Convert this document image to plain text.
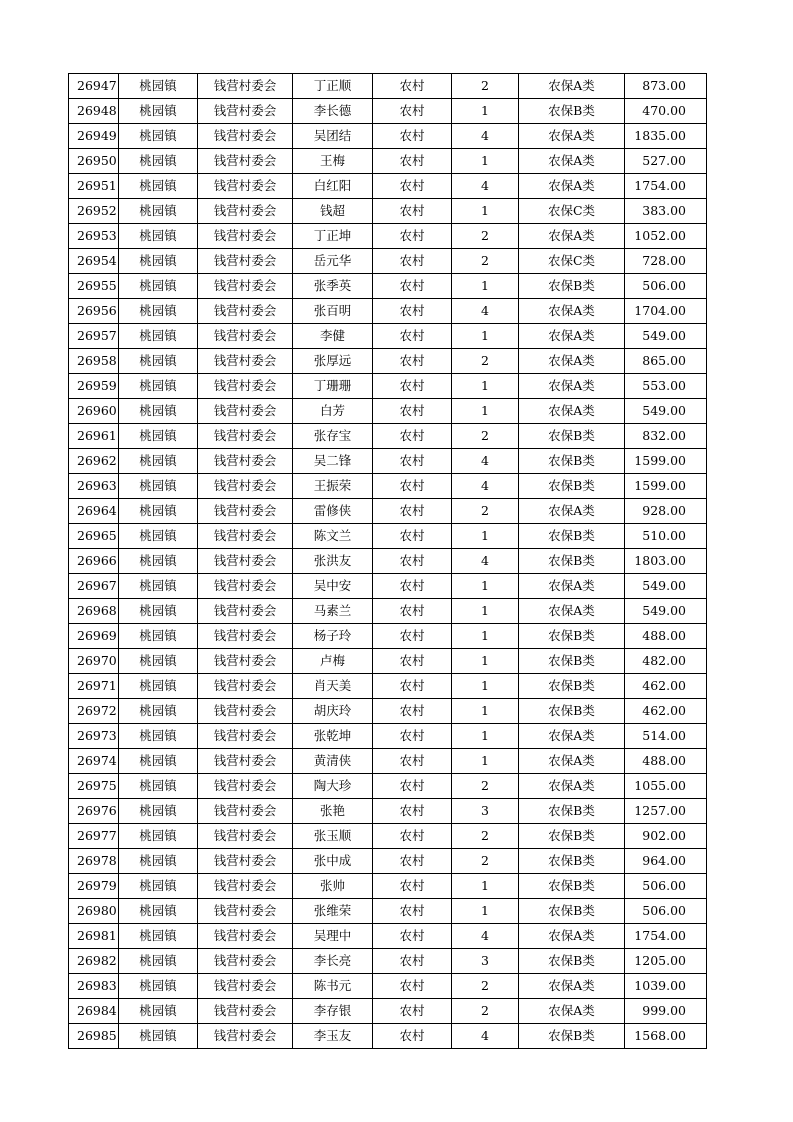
26947	桃园镇	钱营村委会	丁正顺	农村	2	农保A类	873.00
26948	桃园镇	钱营村委会	李长德	农村	1	农保B类	470.00
26949	桃园镇	钱营村委会	吴团结	农村	4	农保A类	1835.00
26950	桃园镇	钱营村委会	王梅	农村	1	农保A类	527.00
26951	桃园镇	钱营村委会	白红阳	农村	4	农保A类	1754.00
26952	桃园镇	钱营村委会	钱超	农村	1	农保C类	383.00
26953	桃园镇	钱营村委会	丁正坤	农村	2	农保A类	1052.00
26954	桃园镇	钱营村委会	岳元华	农村	2	农保C类	728.00
26955	桃园镇	钱营村委会	张季英	农村	1	农保B类	506.00
26956	桃园镇	钱营村委会	张百明	农村	4	农保A类	1704.00
26957	桃园镇	钱营村委会	李健	农村	1	农保A类	549.00
26958	桃园镇	钱营村委会	张厚远	农村	2	农保A类	865.00
26959	桃园镇	钱营村委会	丁珊珊	农村	1	农保A类	553.00
26960	桃园镇	钱营村委会	白芳	农村	1	农保A类	549.00
26961	桃园镇	钱营村委会	张存宝	农村	2	农保B类	832.00
26962	桃园镇	钱营村委会	吴二锋	农村	4	农保B类	1599.00
26963	桃园镇	钱营村委会	王振荣	农村	4	农保B类	1599.00
26964	桃园镇	钱营村委会	雷修侠	农村	2	农保A类	928.00
26965	桃园镇	钱营村委会	陈文兰	农村	1	农保B类	510.00
26966	桃园镇	钱营村委会	张洪友	农村	4	农保B类	1803.00
26967	桃园镇	钱营村委会	吴中安	农村	1	农保A类	549.00
26968	桃园镇	钱营村委会	马素兰	农村	1	农保A类	549.00
26969	桃园镇	钱营村委会	杨子玲	农村	1	农保B类	488.00
26970	桃园镇	钱营村委会	卢梅	农村	1	农保B类	482.00
26971	桃园镇	钱营村委会	肖天美	农村	1	农保B类	462.00
26972	桃园镇	钱营村委会	胡庆玲	农村	1	农保B类	462.00
26973	桃园镇	钱营村委会	张乾坤	农村	1	农保A类	514.00
26974	桃园镇	钱营村委会	黄清侠	农村	1	农保A类	488.00
26975	桃园镇	钱营村委会	陶大珍	农村	2	农保A类	1055.00
26976	桃园镇	钱营村委会	张艳	农村	3	农保B类	1257.00
26977	桃园镇	钱营村委会	张玉顺	农村	2	农保B类	902.00
26978	桃园镇	钱营村委会	张中成	农村	2	农保B类	964.00
26979	桃园镇	钱营村委会	张帅	农村	1	农保B类	506.00
26980	桃园镇	钱营村委会	张维荣	农村	1	农保B类	506.00
26981	桃园镇	钱营村委会	吴理中	农村	4	农保A类	1754.00
26982	桃园镇	钱营村委会	李长亮	农村	3	农保B类	1205.00
26983	桃园镇	钱营村委会	陈书元	农村	2	农保A类	1039.00
26984	桃园镇	钱营村委会	李存银	农村	2	农保A类	999.00
26985	桃园镇	钱营村委会	李玉友	农村	4	农保B类	1568.00
